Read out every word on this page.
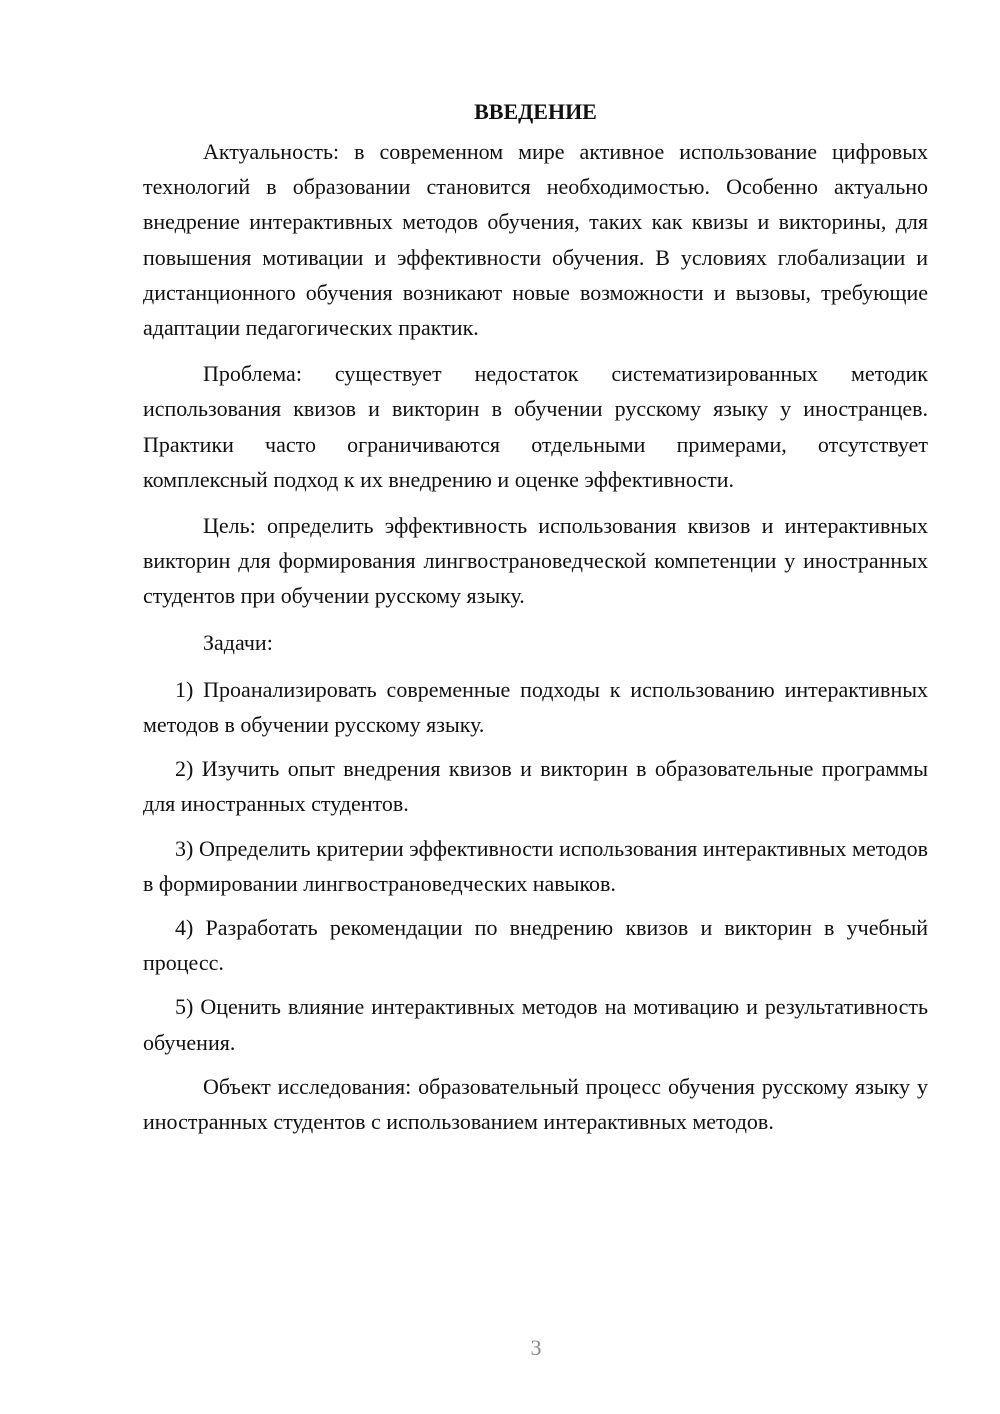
ВВЕДЕНИЕ

Актуальность: в современном мире активное использование цифровых технологий в образовании становится необходимостью. Особенно актуально внедрение интерактивных методов обучения, таких как квизы и викторины, для повышения мотивации и эффективности обучения. В условиях глобализации и дистанционного обучения возникают новые возможности и вызовы, требующие адаптации педагогических практик.

Проблема: существует недостаток систематизированных методик использования квизов и викторин в обучении русскому языку у иностранцев. Практики часто ограничиваются отдельными примерами, отсутствует комплексный подход к их внедрению и оценке эффективности.

Цель: определить эффективность использования квизов и интерактивных викторин для формирования лингвострановедческой компетенции у иностранных студентов при обучении русскому языку.

Задачи:

1) Проанализировать современные подходы к использованию интерактивных методов в обучении русскому языку.

2) Изучить опыт внедрения квизов и викторин в образовательные программы для иностранных студентов.

3) Определить критерии эффективности использования интерактивных методов в формировании лингвострановедческих навыков.

4) Разработать рекомендации по внедрению квизов и викторин в учебный процесс.

5) Оценить влияние интерактивных методов на мотивацию и результативность обучения.

Объект исследования: образовательный процесс обучения русскому языку у иностранных студентов с использованием интерактивных методов.

3
